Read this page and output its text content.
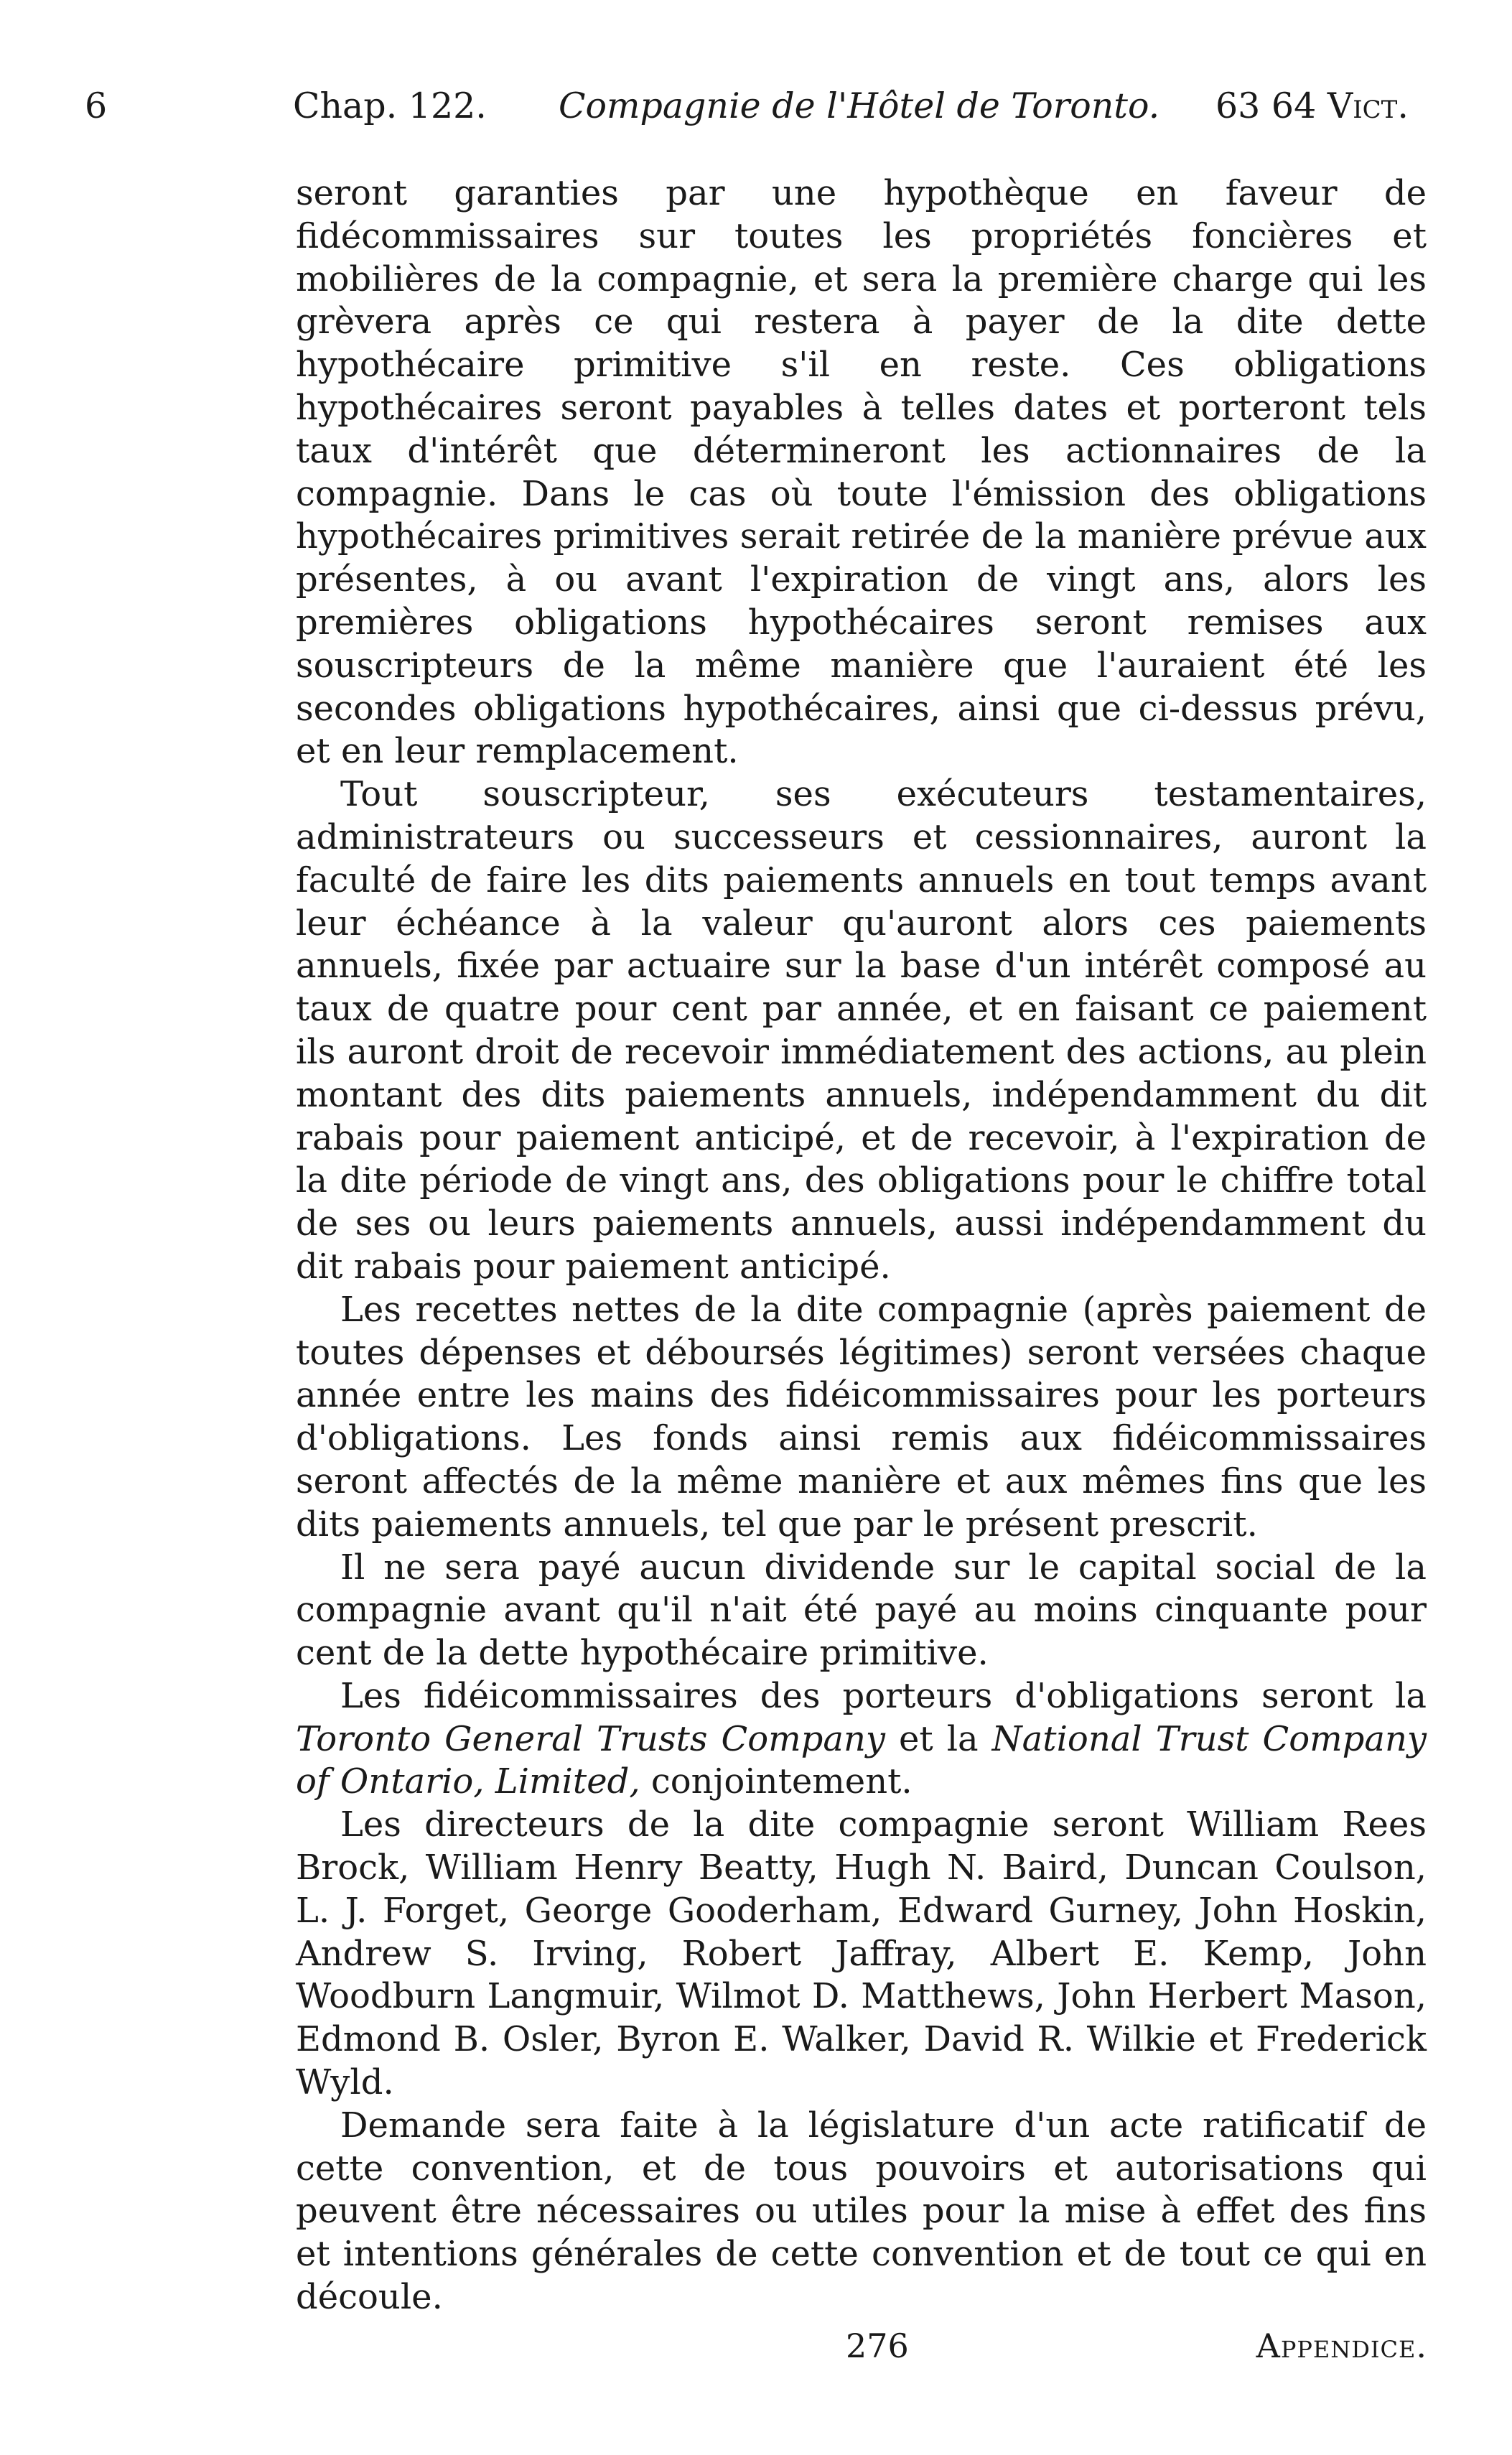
6	Chap. 122. Compagnie de l'Hôtel de Toronto. 63 64 Vict.

seront garanties par une hypothèque en faveur de fidécommissaires sur toutes les propriétés foncières et mobilières de la compagnie, et sera la première charge qui les grèvera après ce qui restera à payer de la dite dette hypothécaire primitive s'il en reste. Ces obligations hypothécaires seront payables à telles dates et porteront tels taux d'intérêt que détermineront les actionnaires de la compagnie. Dans le cas où toute l'émission des obligations hypothécaires primitives serait retirée de la manière prévue aux présentes, à ou avant l'expiration de vingt ans, alors les premières obligations hypothécaires seront remises aux souscripteurs de la même manière que l'auraient été les secondes obligations hypothécaires, ainsi que ci-dessus prévu, et en leur remplacement.

Tout souscripteur, ses exécuteurs testamentaires, administrateurs ou successeurs et cessionnaires, auront la faculté de faire les dits paiements annuels en tout temps avant leur échéance à la valeur qu'auront alors ces paiements annuels, fixée par actuaire sur la base d'un intérêt composé au taux de quatre pour cent par année, et en faisant ce paiement ils auront droit de recevoir immédiatement des actions, au plein montant des dits paiements annuels, indépendamment du dit rabais pour paiement anticipé, et de recevoir, à l'expiration de la dite période de vingt ans, des obligations pour le chiffre total de ses ou leurs paiements annuels, aussi indépendamment du dit rabais pour paiement anticipé.

Les recettes nettes de la dite compagnie (après paiement de toutes dépenses et déboursés légitimes) seront versées chaque année entre les mains des fidéicommissaires pour les porteurs d'obligations. Les fonds ainsi remis aux fidéicommissaires seront affectés de la même manière et aux mêmes fins que les dits paiements annuels, tel que par le présent prescrit.

Il ne sera payé aucun dividende sur le capital social de la compagnie avant qu'il n'ait été payé au moins cinquante pour cent de la dette hypothécaire primitive.

Les fidéicommissaires des porteurs d'obligations seront la Toronto General Trusts Company et la National Trust Company of Ontario, Limited, conjointement.

Les directeurs de la dite compagnie seront William Rees Brock, William Henry Beatty, Hugh N. Baird, Duncan Coulson, L. J. Forget, George Gooderham, Edward Gurney, John Hoskin, Andrew S. Irving, Robert Jaffray, Albert E. Kemp, John Woodburn Langmuir, Wilmot D. Matthews, John Herbert Mason, Edmond B. Osler, Byron E. Walker, David R. Wilkie et Frederick Wyld.

Demande sera faite à la législature d'un acte ratificatif de cette convention, et de tous pouvoirs et autorisations qui peuvent être nécessaires ou utiles pour la mise à effet des fins et intentions générales de cette convention et de tout ce qui en découle.

276	Appendice.
